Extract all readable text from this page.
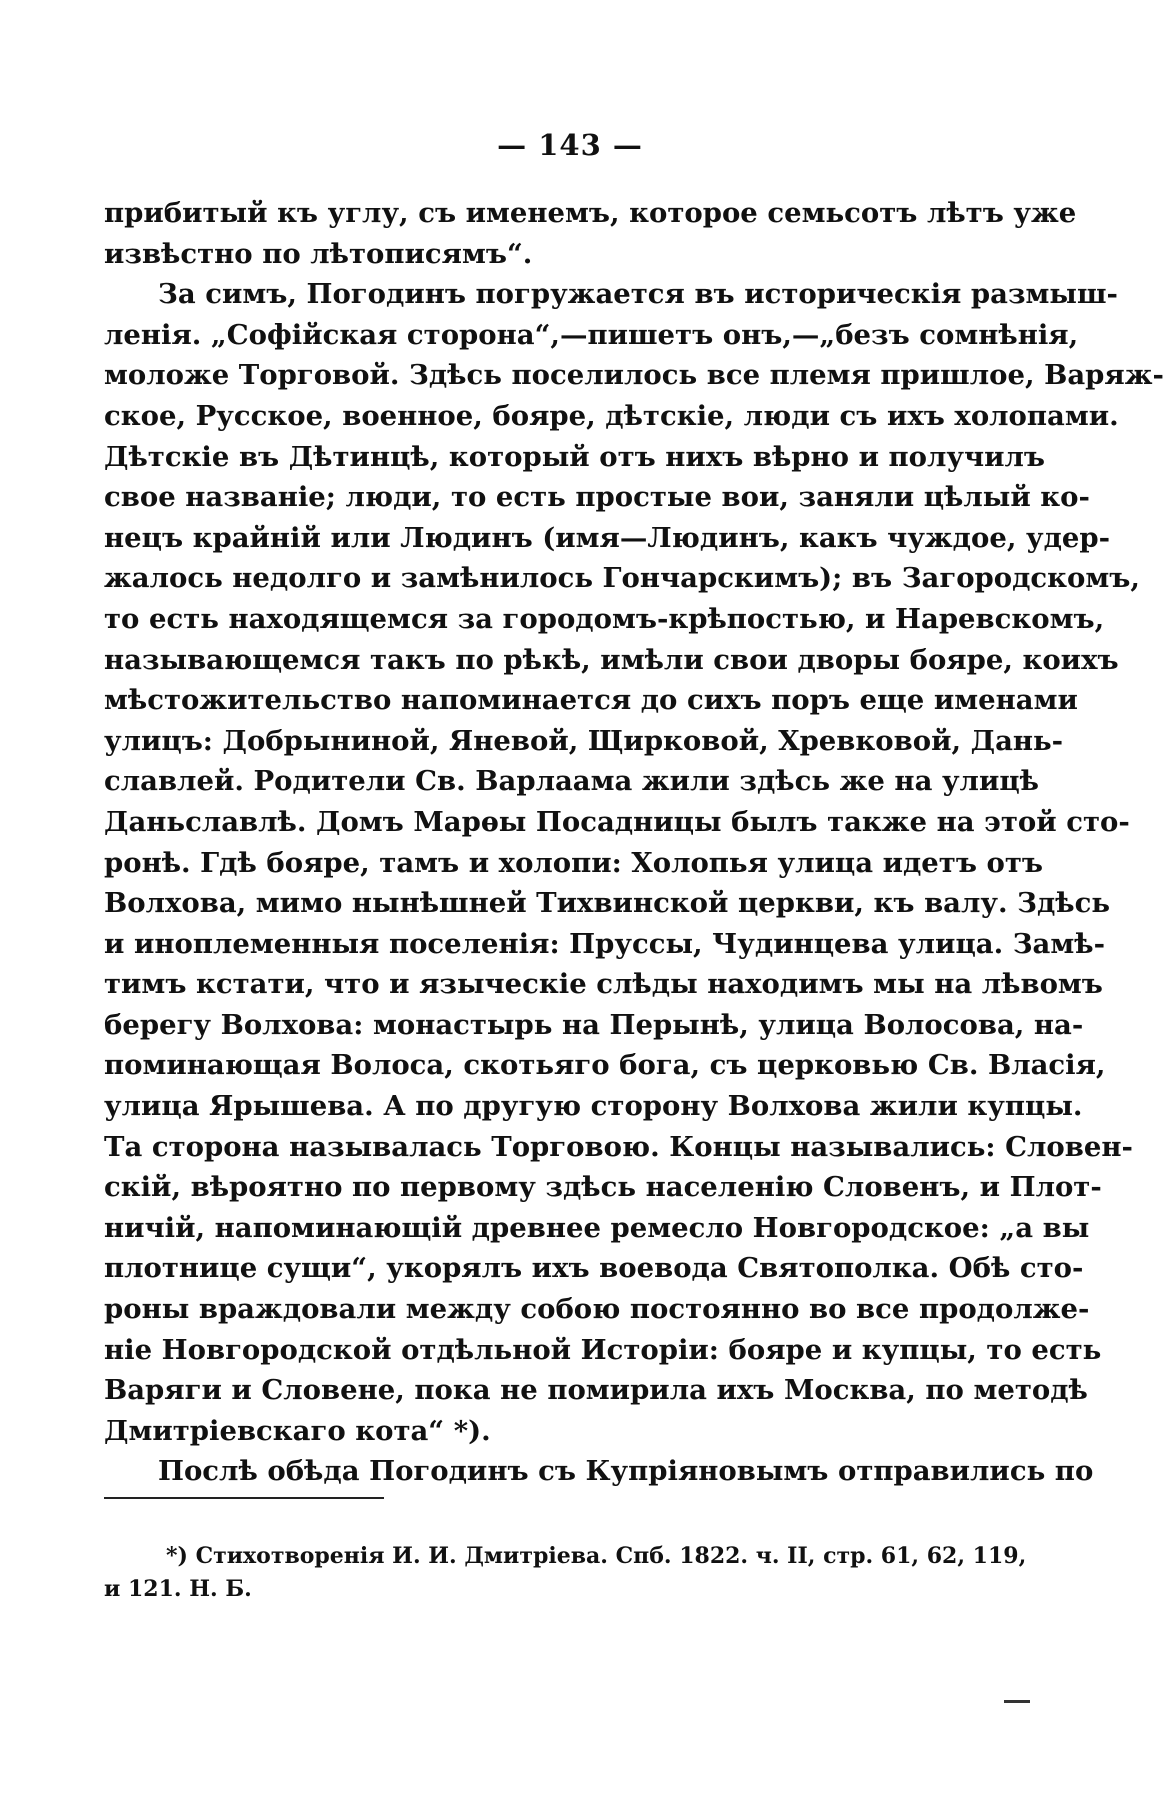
— 143 —
прибитый къ углу, съ именемъ, которое семьсотъ лѣтъ уже
извѣстно по лѣтописямъ“.
За симъ, Погодинъ погружается въ историческія размыш-
ленія. „Софійская сторона“,—пишетъ онъ,—„безъ сомнѣнія,
моложе Торговой. Здѣсь поселилось все племя пришлое, Варяж-
ское, Русское, военное, бояре, дѣтскіе, люди съ ихъ холопами.
Дѣтскіе въ Дѣтинцѣ, который отъ нихъ вѣрно и получилъ
свое названіе; люди, то есть простые вои, заняли цѣлый ко-
нецъ крайній или Людинъ (имя—Людинъ, какъ чуждое, удер-
жалось недолго и замѣнилось Гончарскимъ); въ Загородскомъ,
то есть находящемся за городомъ-крѣпостью, и Наревскомъ,
называющемся такъ по рѣкѣ, имѣли свои дворы бояре, коихъ
мѣстожительство напоминается до сихъ поръ еще именами
улицъ: Добрыниной, Яневой, Щирковой, Хревковой, Дань-
славлей. Родители Св. Варлаама жили здѣсь же на улицѣ
Даньславлѣ. Домъ Марѳы Посадницы былъ также на этой сто-
ронѣ. Гдѣ бояре, тамъ и холопи: Холопья улица идетъ отъ
Волхова, мимо нынѣшней Тихвинской церкви, къ валу. Здѣсь
и иноплеменныя поселенія: Пруссы, Чудинцева улица. Замѣ-
тимъ кстати, что и языческіе слѣды находимъ мы на лѣвомъ
берегу Волхова: монастырь на Перынѣ, улица Волосова, на-
поминающая Волоса, скотьяго бога, съ церковью Св. Власія,
улица Ярышева. А по другую сторону Волхова жили купцы.
Та сторона называлась Торговою. Концы назывались: Словен-
скій, вѣроятно по первому здѣсь населенію Словенъ, и Плот-
ничій, напоминающій древнее ремесло Новгородское: „а вы
плотнице сущи“, укорялъ ихъ воевода Святополка. Обѣ сто-
роны враждовали между собою постоянно во все продолже-
ніе Новгородской отдѣльной Исторіи: бояре и купцы, то есть
Варяги и Словене, пока не помирила ихъ Москва, по методѣ
Дмитріевскаго кота“ *).
Послѣ обѣда Погодинъ съ Купріяновымъ отправились по
*) Стихотворенія И. И. Дмитріева. Спб. 1822. ч. II, стр. 61, 62, 119,
и 121. Н. Б.
